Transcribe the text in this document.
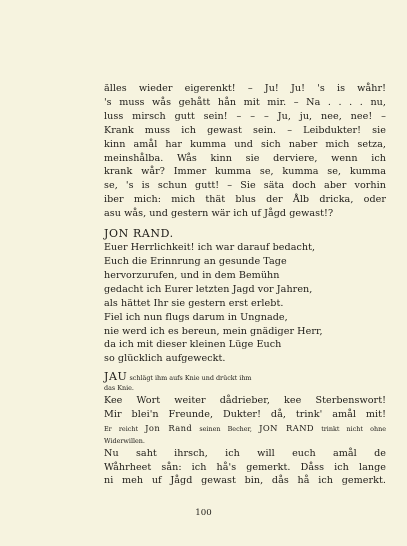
ălles wieder eigerenkt! – Ju! Ju! 's is wåhr!
's muss wås gehått hån mit mir. – Na . . . . nu,
luss mirsch gutt sein! – – – Ju, ju, nee, nee! –
Krank muss ich gewast sein. – Leibdukter! sie
kinn amål har kumma und sich naber mich setza,
meinshålba. Wås kinn sie derviere, wenn ich
krank wår? Immer kumma se, kumma se, kumma
se, 's is schun gutt! – Sie säta doch aber vorhin
iber mich: mich thät blus der Ålb dricka, oder
asu wås, und gestern wär ich uf Jågd gewast!?
JON RAND.
Euer Herrlichkeit! ich war darauf bedacht,
Euch die Erinnrung an gesunde Tage
hervorzurufen, und in dem Bemühn
gedacht ich Eurer letzten Jagd vor Jahren,
als hättet Ihr sie gestern erst erlebt.
Fiel ich nun flugs darum in Ungnade,
nie werd ich es bereun, mein gnädiger Herr,
da ich mit dieser kleinen Lüge Euch
so glücklich aufgeweckt.
JAU schlägt ihm aufs Knie und drückt ihm
das Knie.
Kee Wort weiter dådrieber, kee Sterbenswort!
Mir blei'n Freunde, Dukter! då, trink' amål mit!
Er reicht Jon Rand seinen Becher, JON RAND trinkt nicht ohne
Widerwillen.
Nu saht ihrsch, ich will euch amål de
Wåhrheet sån: ich hå's gemerkt. Dåss ich lange
ni meh uf Jågd gewast bin, dås hå ich gemerkt.
100
